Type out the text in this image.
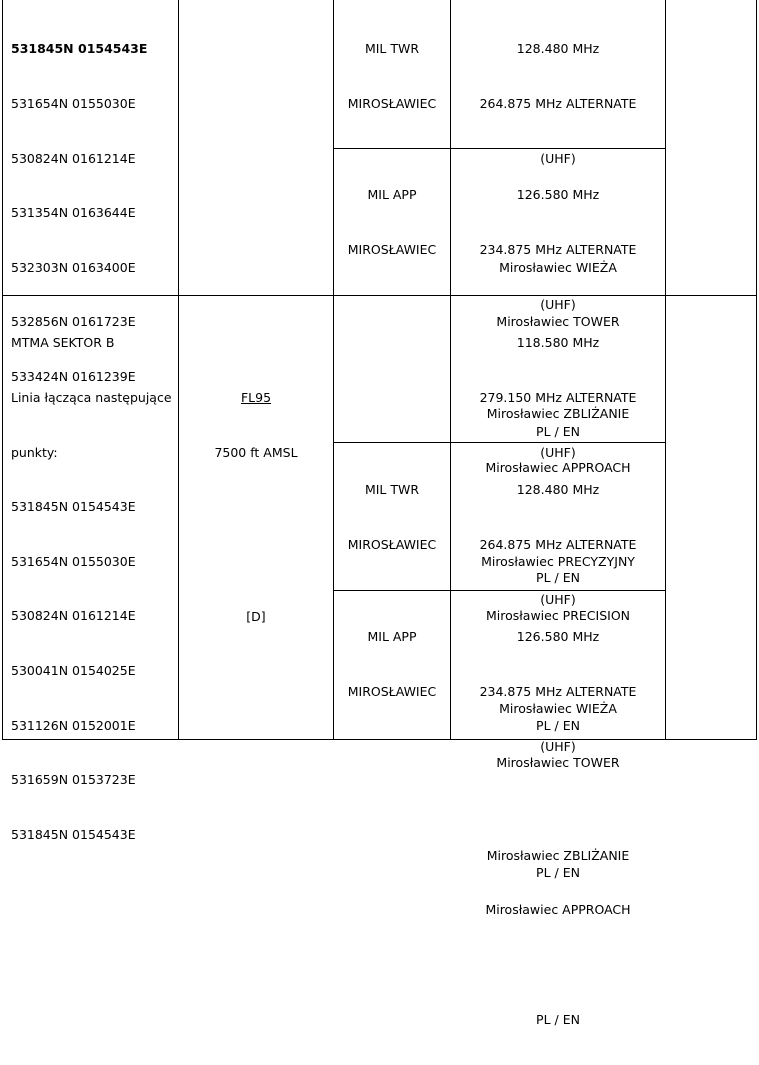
531845N 0154543E

531654N 0155030E

530824N 0161214E

531354N 0163644E

532303N 0163400E

532856N 0161723E

533424N 0161239E

MIL TWR

MIROSŁAWIEC

128.480 MHz

264.875 MHz ALTERNATE

(UHF)

Mirosławiec WIEŻA

Mirosławiec TOWER

PL / EN

MIL APP

MIROSŁAWIEC

126.580 MHz

234.875 MHz ALTERNATE

(UHF)

Mirosławiec ZBLIŻANIE

Mirosławiec APPROACH

PL / EN

MTMA SEKTOR B

Linia łącząca następujące

punkty:

531845N 0154543E

531654N 0155030E

530824N 0161214E

530041N 0154025E

531126N 0152001E

531659N 0153723E

531845N 0154543E

FL95

7500 ft AMSL

[D]

118.580 MHz

279.150 MHz ALTERNATE

(UHF)

Mirosławiec PRECYZYJNY

Mirosławiec PRECISION

PL / EN

MIL TWR

MIROSŁAWIEC

128.480 MHz

264.875 MHz ALTERNATE

(UHF)

Mirosławiec WIEŻA

Mirosławiec TOWER

PL / EN

MIL APP

MIROSŁAWIEC

126.580 MHz

234.875 MHz ALTERNATE

(UHF)

Mirosławiec ZBLIŻANIE

Mirosławiec APPROACH

PL / EN
